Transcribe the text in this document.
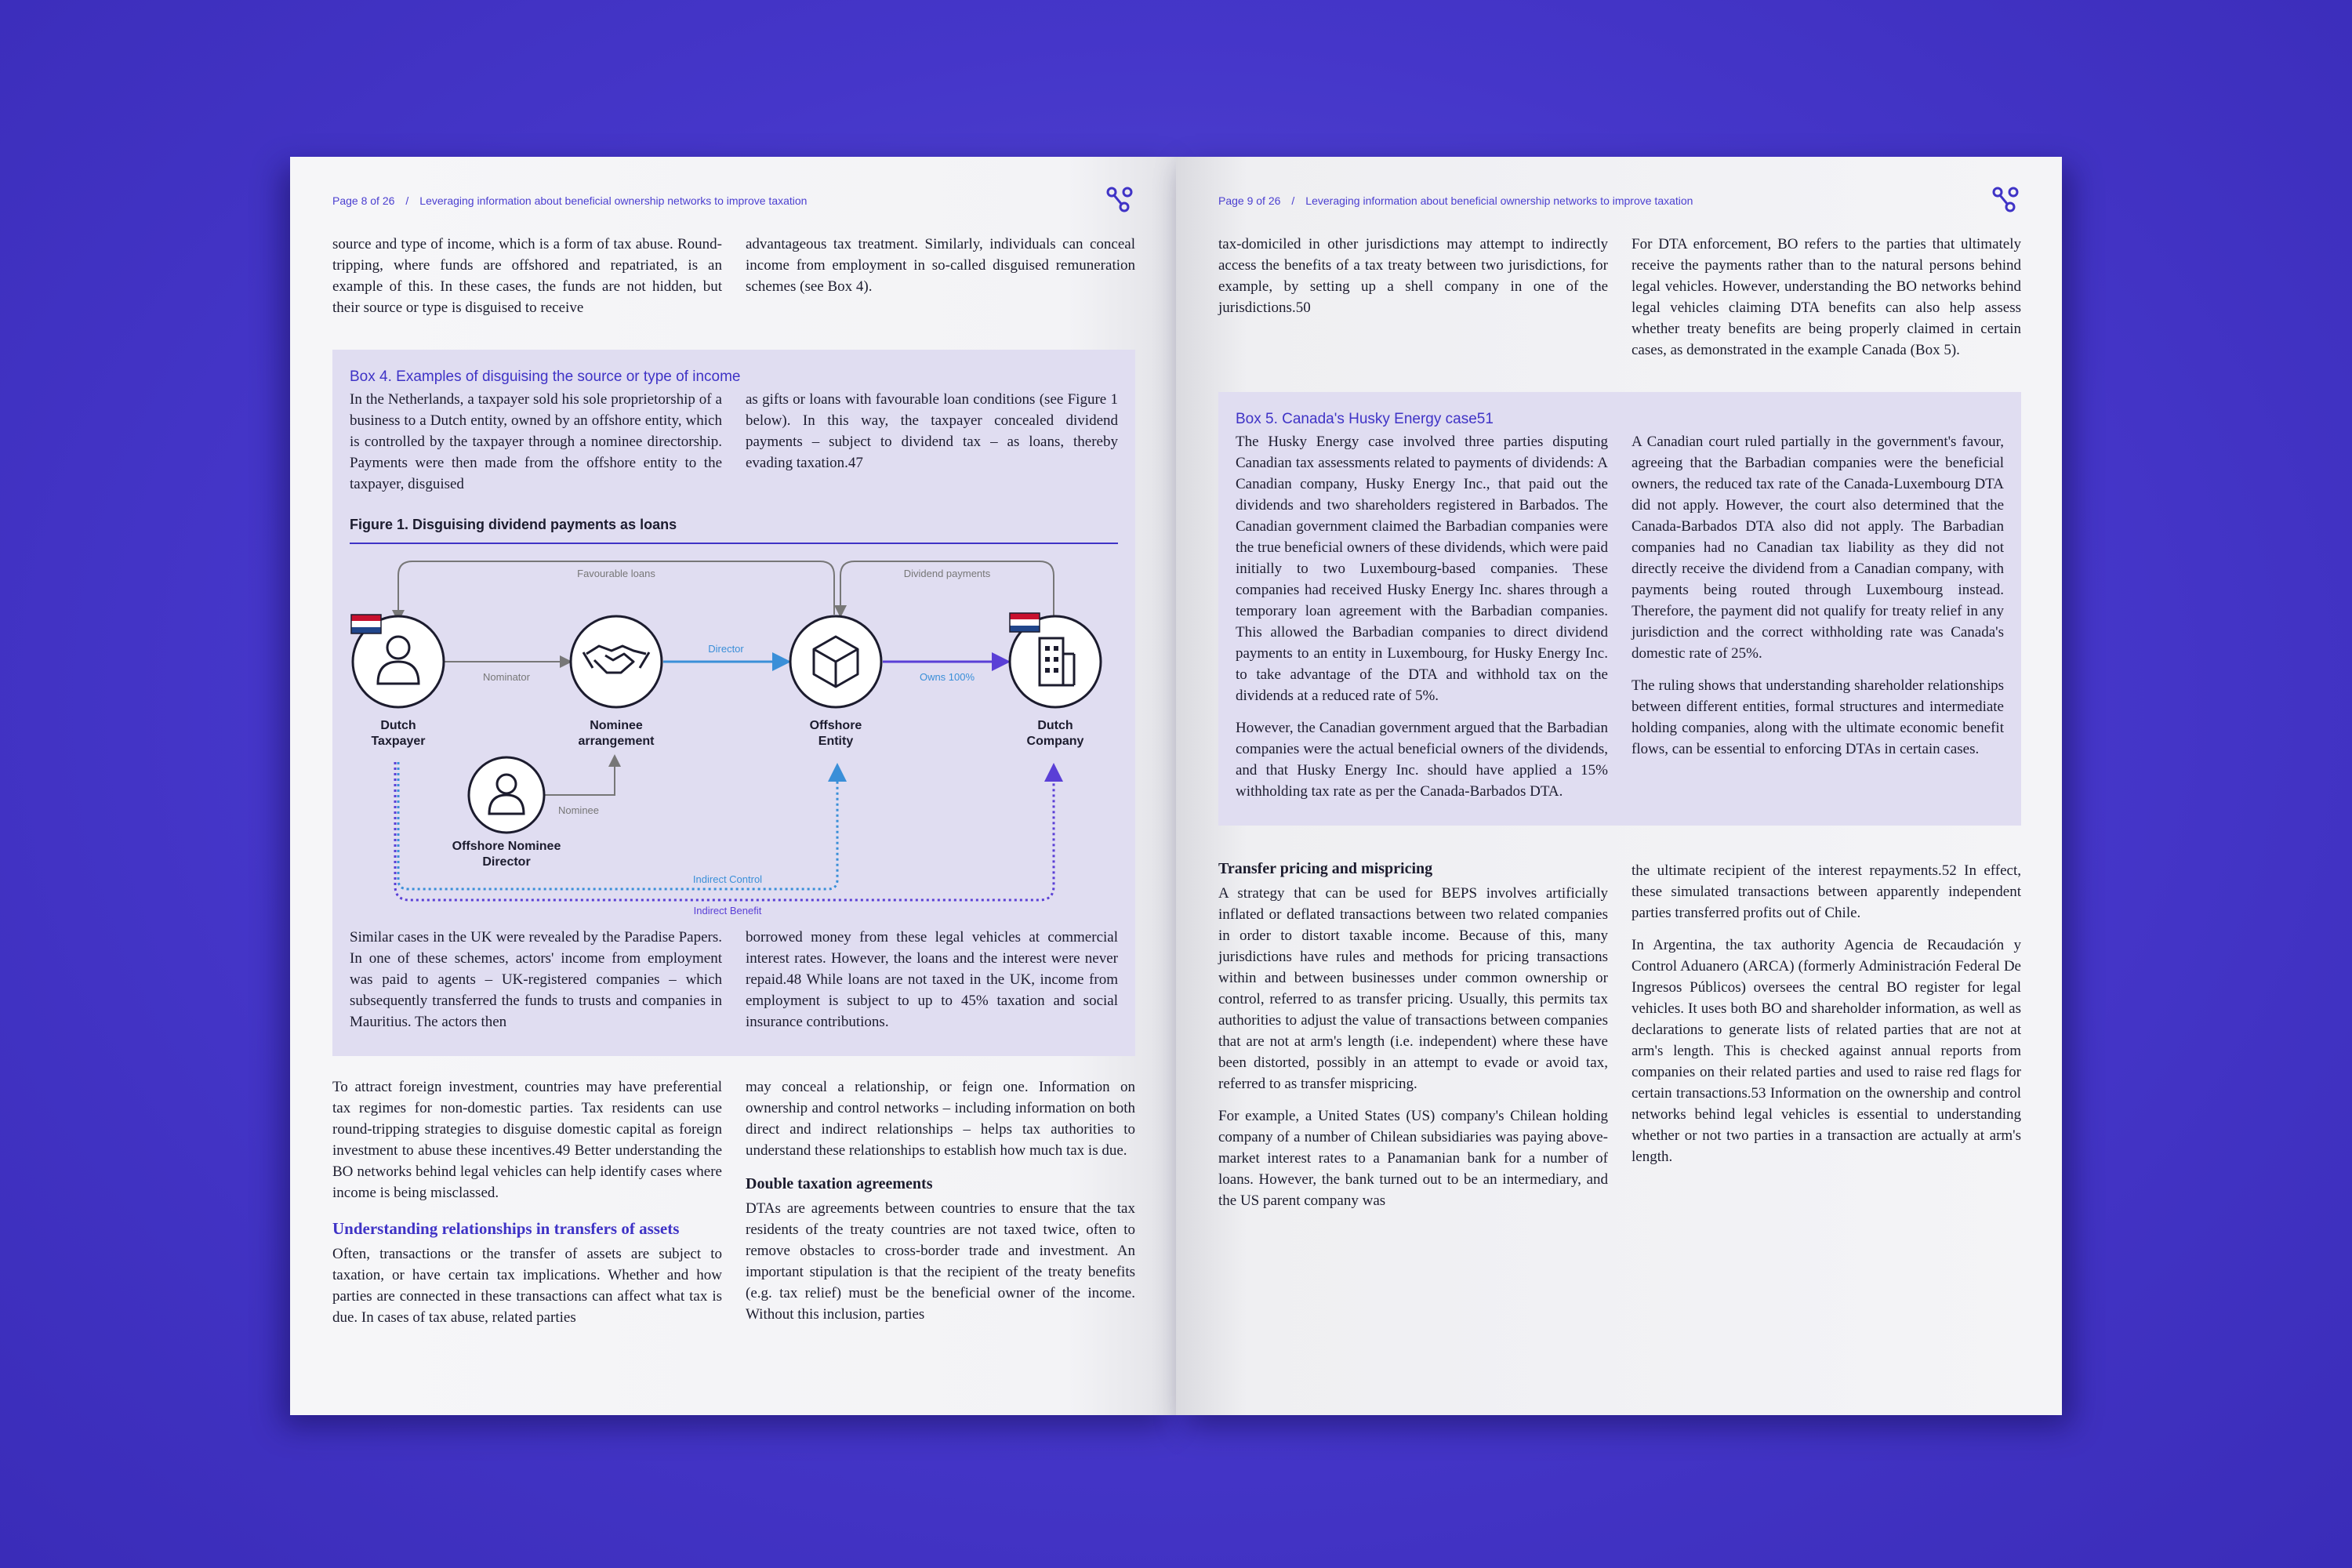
Page 8 of 26 / Leveraging information about beneficial ownership networks to improve taxation

source and type of income, which is a form of tax abuse. Round-tripping, where funds are offshored and repatriated, is an example of this. In these cases, the funds are not hidden, but their source or type is disguised to receive

advantageous tax treatment. Similarly, individuals can conceal income from employment in so-called disguised remuneration schemes (see Box 4).

Box 4. Examples of disguising the source or type of income

In the Netherlands, a taxpayer sold his sole proprietorship of a business to a Dutch entity, owned by an offshore entity, which is controlled by the taxpayer through a nominee directorship. Payments were then made from the offshore entity to the taxpayer, disguised

as gifts or loans with favourable loan conditions (see Figure 1 below). In this way, the taxpayer concealed dividend payments – subject to dividend tax – as loans, thereby evading taxation.47

Figure 1. Disguising dividend payments as loans
Favourable loans	Dividend payments
Nominator
Director
Owns 100%
Nominee
Indirect Control
Indirect Benefit
Dutch
Taxpayer
Nominee
arrangement
Offshore
Entity
Dutch
Company
Offshore Nominee
Director

Similar cases in the UK were revealed by the Paradise Papers. In one of these schemes, actors' income from employment was paid to agents – UK-registered companies – which subsequently transferred the funds to trusts and companies in Mauritius. The actors then

borrowed money from these legal vehicles at commercial interest rates. However, the loans and the interest were never repaid.48 While loans are not taxed in the UK, income from employment is subject to up to 45% taxation and social insurance contributions.

To attract foreign investment, countries may have preferential tax regimes for non-domestic parties. Tax residents can use round-tripping strategies to disguise domestic capital as foreign investment to abuse these incentives.49 Better understanding the BO networks behind legal vehicles can help identify cases where income is being misclassed.

Understanding relationships in transfers of assets

Often, transactions or the transfer of assets are subject to taxation, or have certain tax implications. Whether and how parties are connected in these transactions can affect what tax is due. In cases of tax abuse, related parties

may conceal a relationship, or feign one. Information on ownership and control networks – including information on both direct and indirect relationships – helps tax authorities to understand these relationships to establish how much tax is due.

Double taxation agreements

DTAs are agreements between countries to ensure that the tax residents of the treaty countries are not taxed twice, often to remove obstacles to cross-border trade and investment. An important stipulation is that the recipient of the treaty benefits (e.g. tax relief) must be the beneficial owner of the income. Without this inclusion, parties

Page 9 of 26 / Leveraging information about beneficial ownership networks to improve taxation

tax-domiciled in other jurisdictions may attempt to indirectly access the benefits of a tax treaty between two jurisdictions, for example, by setting up a shell company in one of the jurisdictions.50

For DTA enforcement, BO refers to the parties that ultimately receive the payments rather than to the natural persons behind legal vehicles. However, understanding the BO networks behind legal vehicles claiming DTA benefits can also help assess whether treaty benefits are being properly claimed in certain cases, as demonstrated in the example Canada (Box 5).

Box 5. Canada's Husky Energy case51

The Husky Energy case involved three parties disputing Canadian tax assessments related to payments of dividends: A Canadian company, Husky Energy Inc., that paid out the dividends and two shareholders registered in Barbados. The Canadian government claimed the Barbadian companies were the true beneficial owners of these dividends, which were paid initially to two Luxembourg-based companies. These companies had received Husky Energy Inc. shares through a temporary loan agreement with the Barbadian companies. This allowed the Barbadian companies to direct dividend payments to an entity in Luxembourg, for Husky Energy Inc. to take advantage of the DTA and withhold tax on the dividends at a reduced rate of 5%.

However, the Canadian government argued that the Barbadian companies were the actual beneficial owners of the dividends, and that Husky Energy Inc. should have applied a 15% withholding tax rate as per the Canada-Barbados DTA.

A Canadian court ruled partially in the government's favour, agreeing that the Barbadian companies were the beneficial owners, the reduced tax rate of the Canada-Luxembourg DTA did not apply. However, the court also determined that the Canada-Barbados DTA also did not apply. The Barbadian companies had no Canadian tax liability as they did not directly receive the dividend from a Canadian company, with payments being routed through Luxembourg instead. Therefore, the payment did not qualify for treaty relief in any jurisdiction and the correct withholding rate was Canada's domestic rate of 25%.

The ruling shows that understanding shareholder relationships between different entities, formal structures and intermediate holding companies, along with the ultimate economic benefit flows, can be essential to enforcing DTAs in certain cases.

Transfer pricing and mispricing

A strategy that can be used for BEPS involves artificially inflated or deflated transactions between two related companies in order to distort taxable income. Because of this, many jurisdictions have rules and methods for pricing transactions within and between businesses under common ownership or control, referred to as transfer pricing. Usually, this permits tax authorities to adjust the value of transactions between companies that are not at arm's length (i.e. independent) where these have been distorted, possibly in an attempt to evade or avoid tax, referred to as transfer mispricing.

For example, a United States (US) company's Chilean holding company of a number of Chilean subsidiaries was paying above-market interest rates to a Panamanian bank for a number of loans. However, the bank turned out to be an intermediary, and the US parent company was

the ultimate recipient of the interest repayments.52 In effect, these simulated transactions between apparently independent parties transferred profits out of Chile.

In Argentina, the tax authority Agencia de Recaudación y Control Aduanero (ARCA) (formerly Administración Federal De Ingresos Públicos) oversees the central BO register for legal vehicles. It uses both BO and shareholder information, as well as declarations to generate lists of related parties that are not at arm's length. This is checked against annual reports from companies on their related parties and used to raise red flags for certain transactions.53 Information on the ownership and control networks behind legal vehicles is essential to understanding whether or not two parties in a transaction are actually at arm's length.
